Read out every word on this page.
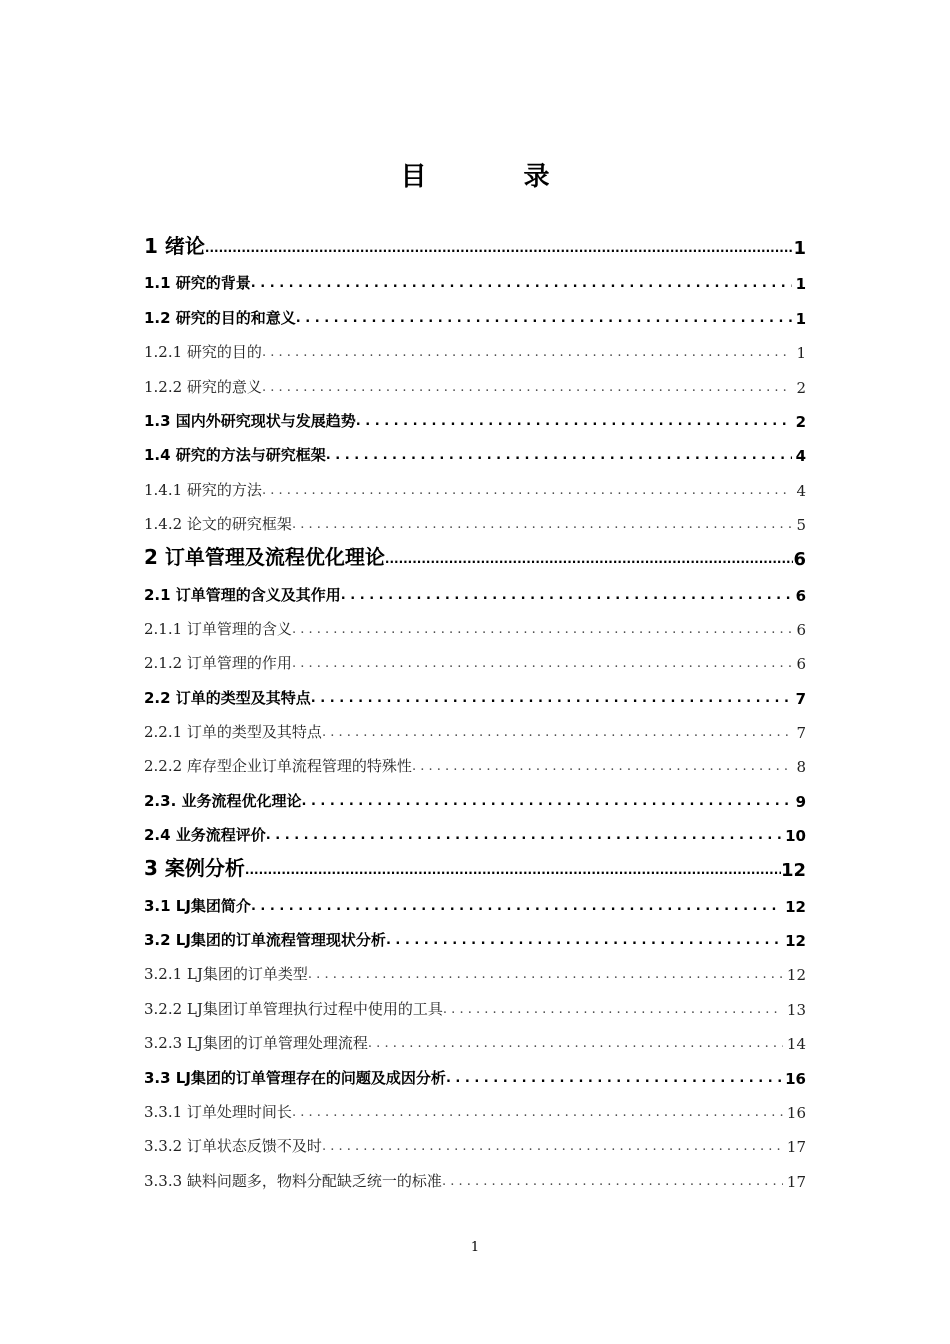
目 录
1 绪论 .....	1
1.1 研究的背景 . . .	1
1.2 研究的目的和意义 . . .	1
1.2.1 研究的目的 . . .	1
1.2.2 研究的意义 . . .	2
1.3 国内外研究现状与发展趋势 . . .	2
1.4 研究的方法与研究框架 . . .	4
1.4.1 研究的方法 . . .	4
1.4.2 论文的研究框架 . . .	5
2 订单管理及流程优化理论 .....	6
2.1 订单管理的含义及其作用 . . .	6
2.1.1 订单管理的含义 . . .	6
2.1.2 订单管理的作用 . . .	6
2.2 订单的类型及其特点 . . .	7
2.2.1 订单的类型及其特点 . . .	7
2.2.2 库存型企业订单流程管理的特殊性 . . .	8
2.3. 业务流程优化理论 . . .	9
2.4 业务流程评价 . . .	10
3 案例分析 .....	12
3.1 LJ集团简介 . . .	12
3.2 LJ集团的订单流程管理现状分析 . . .	12
3.2.1 LJ集团的订单类型 . . .	12
3.2.2 LJ集团订单管理执行过程中使用的工具 . . .	13
3.2.3 LJ集团的订单管理处理流程 . . .	14
3.3 LJ集团的订单管理存在的问题及成因分析 . . .	16
3.3.1 订单处理时间长 . . .	16
3.3.2 订单状态反馈不及时 . . .	17
3.3.3 缺料问题多，物料分配缺乏统一的标准 . . .	17
1
